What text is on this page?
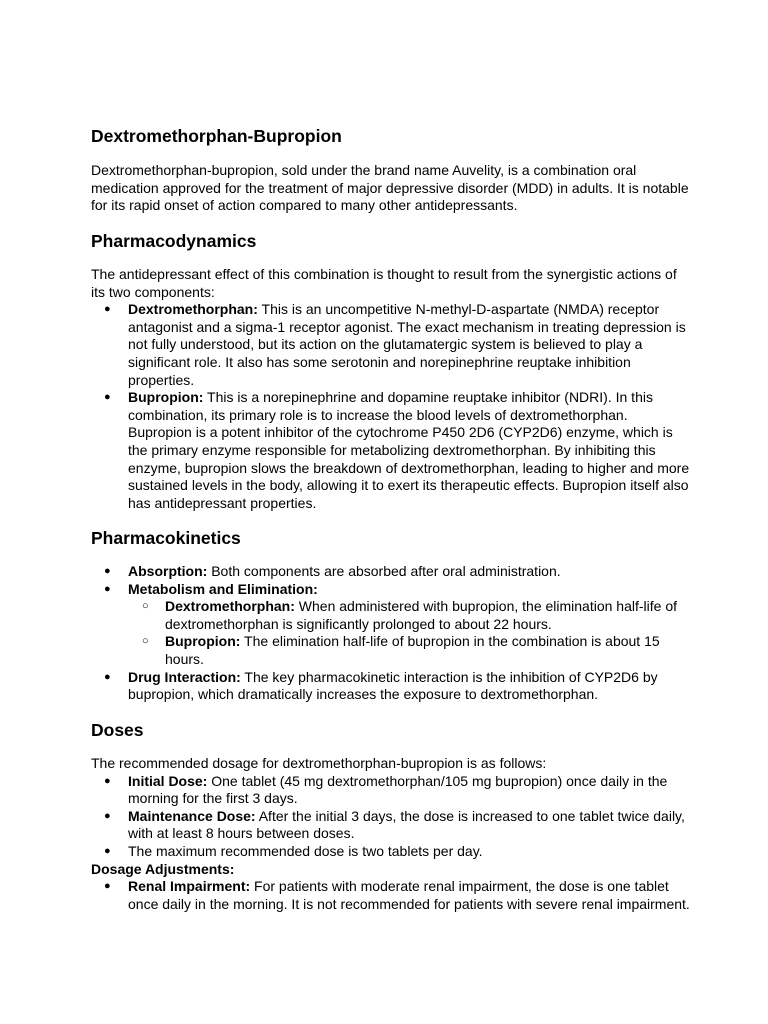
Dextromethorphan-Bupropion

Dextromethorphan-bupropion, sold under the brand name Auvelity, is a combination oral medication approved for the treatment of major depressive disorder (MDD) in adults. It is notable for its rapid onset of action compared to many other antidepressants.

Pharmacodynamics

The antidepressant effect of this combination is thought to result from the synergistic actions of its two components:

● Dextromethorphan: This is an uncompetitive N-methyl-D-aspartate (NMDA) receptor antagonist and a sigma-1 receptor agonist. The exact mechanism in treating depression is not fully understood, but its action on the glutamatergic system is believed to play a significant role. It also has some serotonin and norepinephrine reuptake inhibition properties.
● Bupropion: This is a norepinephrine and dopamine reuptake inhibitor (NDRI). In this combination, its primary role is to increase the blood levels of dextromethorphan. Bupropion is a potent inhibitor of the cytochrome P450 2D6 (CYP2D6) enzyme, which is the primary enzyme responsible for metabolizing dextromethorphan. By inhibiting this enzyme, bupropion slows the breakdown of dextromethorphan, leading to higher and more sustained levels in the body, allowing it to exert its therapeutic effects. Bupropion itself also has antidepressant properties.
Pharmacokinetics
● Absorption: Both components are absorbed after oral administration.
● Metabolism and Elimination:
○ Dextromethorphan: When administered with bupropion, the elimination half-life of dextromethorphan is significantly prolonged to about 22 hours.
○ Bupropion: The elimination half-life of bupropion in the combination is about 15 hours.
● Drug Interaction: The key pharmacokinetic interaction is the inhibition of CYP2D6 by bupropion, which dramatically increases the exposure to dextromethorphan.
Doses

The recommended dosage for dextromethorphan-bupropion is as follows:

● Initial Dose: One tablet (45 mg dextromethorphan/105 mg bupropion) once daily in the morning for the first 3 days.
● Maintenance Dose: After the initial 3 days, the dose is increased to one tablet twice daily, with at least 8 hours between doses.
● The maximum recommended dose is two tablets per day.

Dosage Adjustments:

● Renal Impairment: For patients with moderate renal impairment, the dose is one tablet once daily in the morning. It is not recommended for patients with severe renal impairment.
